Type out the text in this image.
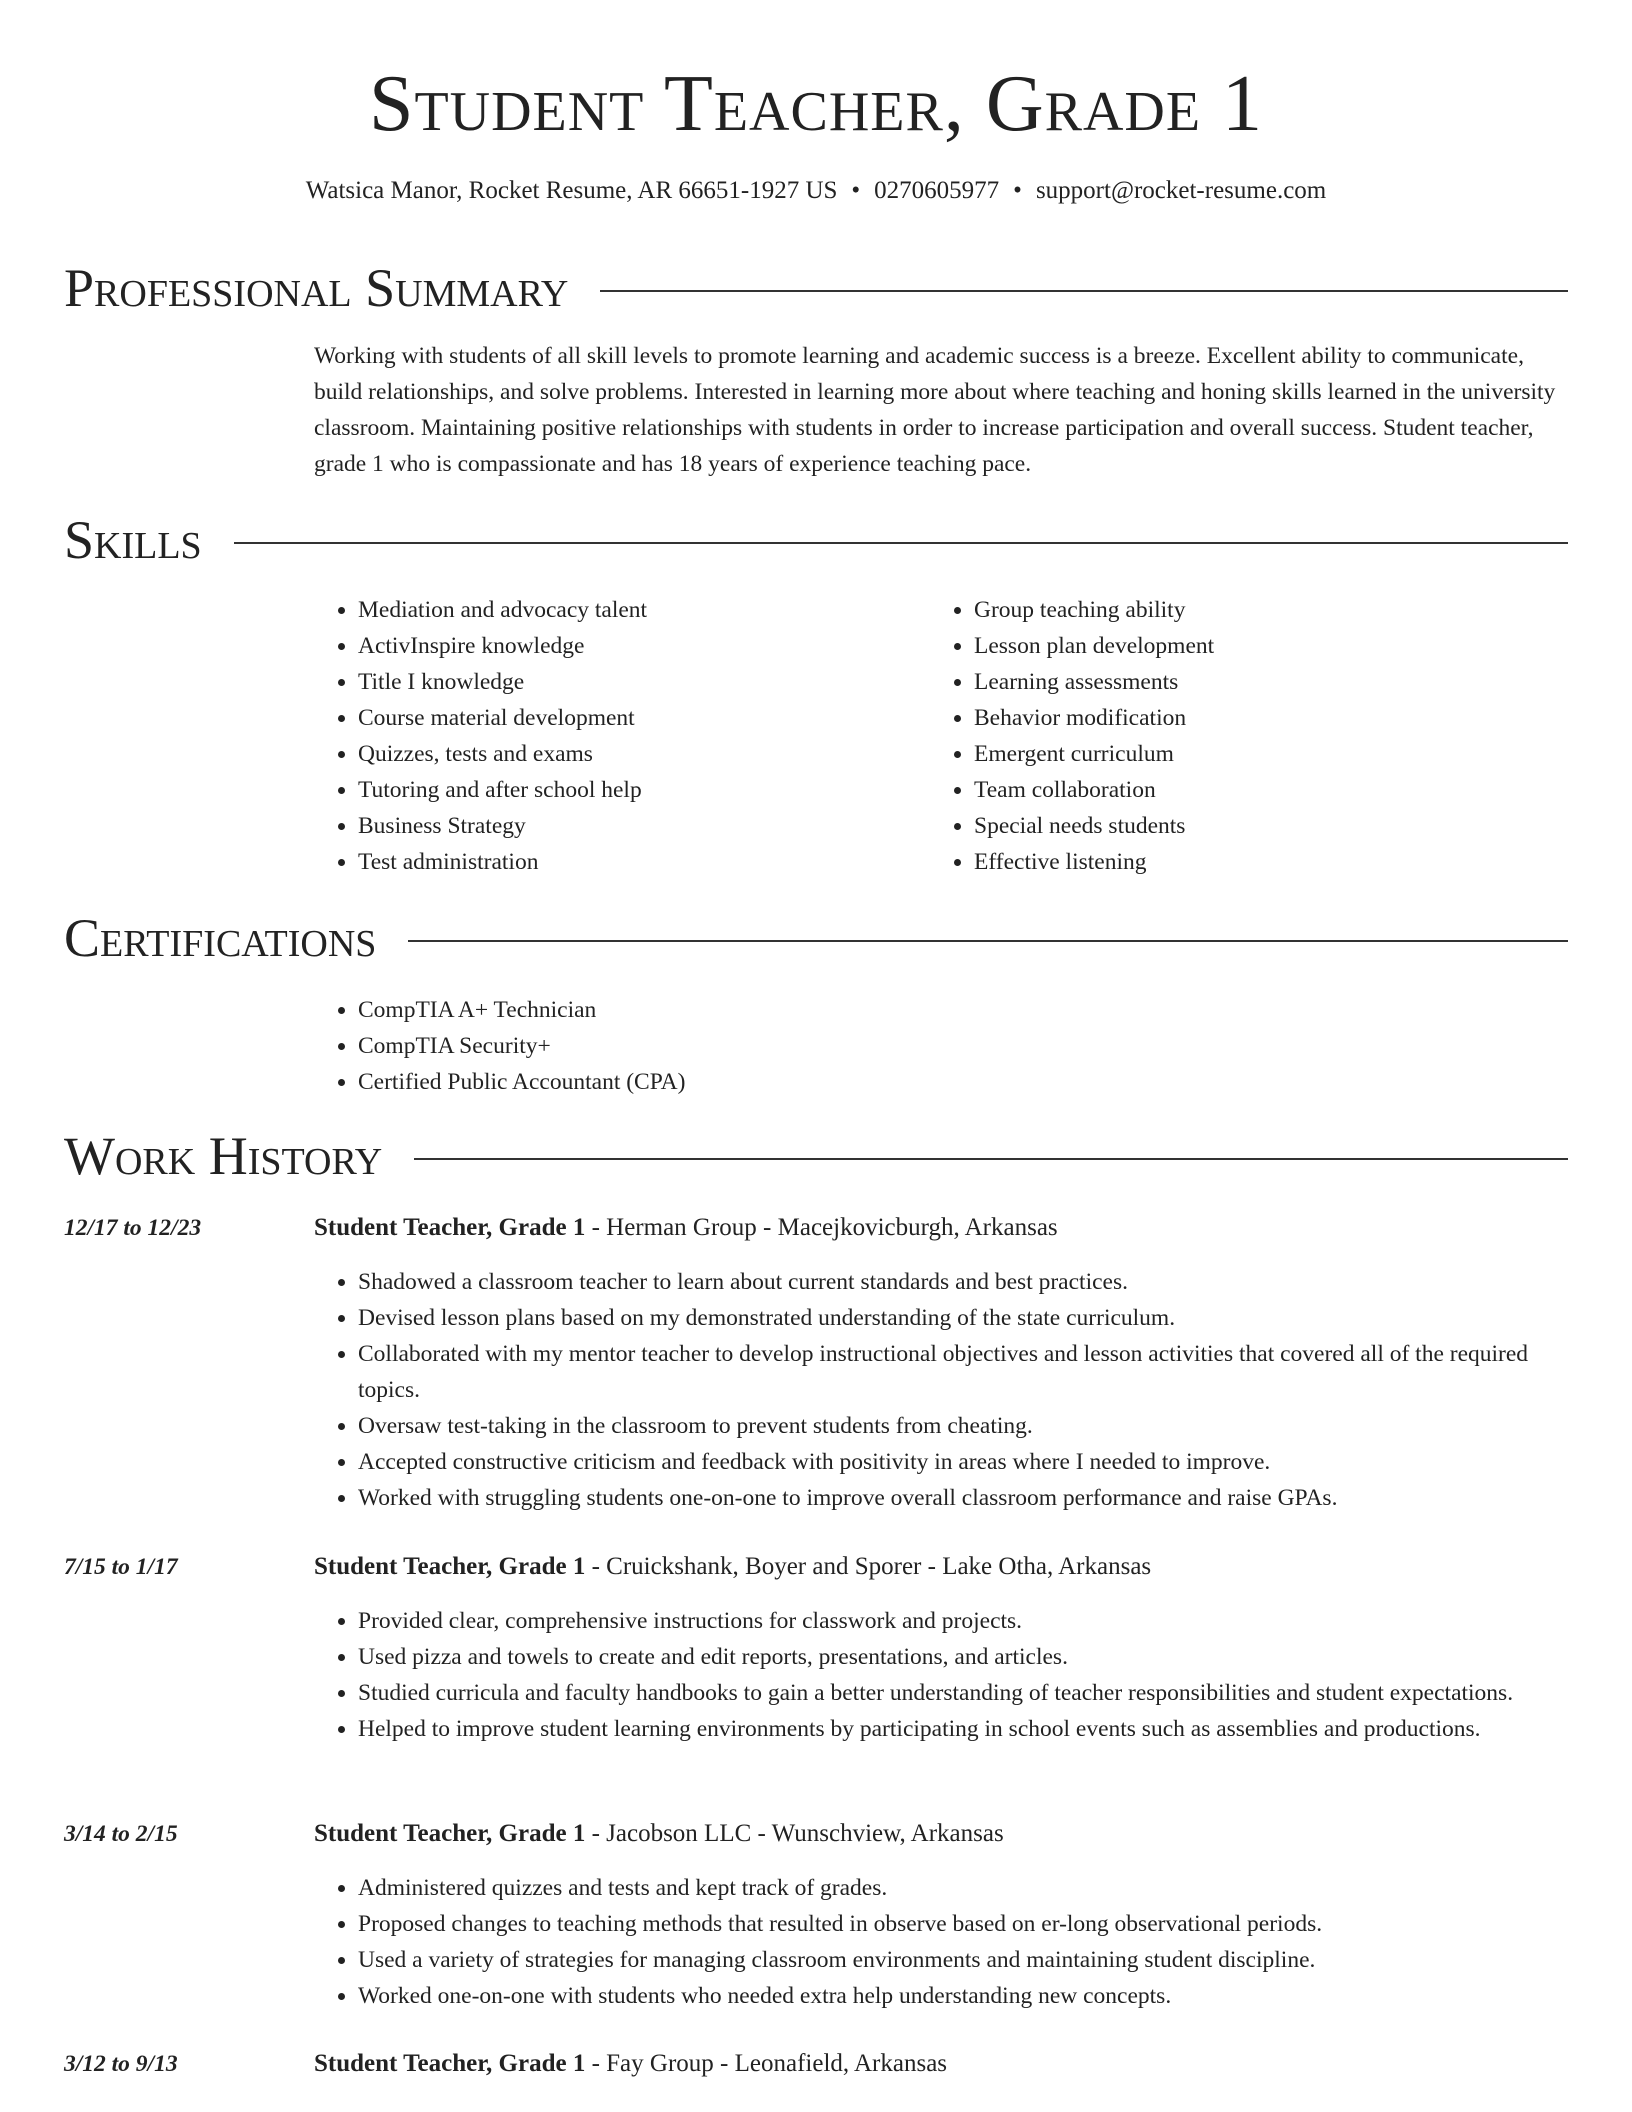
Student Teacher, Grade 1
Watsica Manor, Rocket Resume, AR 66651-1927 US • 0270605977 • support@rocket-resume.com
Professional Summary

Working with students of all skill levels to promote learning and academic success is a breeze. Excellent ability to communicate, build relationships, and solve problems. Interested in learning more about where teaching and honing skills learned in the university classroom. Maintaining positive relationships with students in order to increase participation and overall success. Student teacher, grade 1 who is compassionate and has 18 years of experience teaching pace.

Skills
• Mediation and advocacy talent
• ActivInspire knowledge
• Title I knowledge
• Course material development
• Quizzes, tests and exams
• Tutoring and after school help
• Business Strategy
• Test administration
• Group teaching ability
• Lesson plan development
• Learning assessments
• Behavior modification
• Emergent curriculum
• Team collaboration
• Special needs students
• Effective listening
Certifications
• CompTIA A+ Technician
• CompTIA Security+
• Certified Public Accountant (CPA)
Work History
12/17 to 12/23	Student Teacher, Grade 1 - Herman Group - Macejkovicburgh, Arkansas
• Shadowed a classroom teacher to learn about current standards and best practices.
• Devised lesson plans based on my demonstrated understanding of the state curriculum.
• Collaborated with my mentor teacher to develop instructional objectives and lesson activities that covered all of the required topics.
• Oversaw test-taking in the classroom to prevent students from cheating.
• Accepted constructive criticism and feedback with positivity in areas where I needed to improve.
• Worked with struggling students one-on-one to improve overall classroom performance and raise GPAs.
7/15 to 1/17	Student Teacher, Grade 1 - Cruickshank, Boyer and Sporer - Lake Otha, Arkansas
• Provided clear, comprehensive instructions for classwork and projects.
• Used pizza and towels to create and edit reports, presentations, and articles.
• Studied curricula and faculty handbooks to gain a better understanding of teacher responsibilities and student expectations.
• Helped to improve student learning environments by participating in school events such as assemblies and productions.
3/14 to 2/15	Student Teacher, Grade 1 - Jacobson LLC - Wunschview, Arkansas
• Administered quizzes and tests and kept track of grades.
• Proposed changes to teaching methods that resulted in observe based on er-long observational periods.
• Used a variety of strategies for managing classroom environments and maintaining student discipline.
• Worked one-on-one with students who needed extra help understanding new concepts.
3/12 to 9/13	Student Teacher, Grade 1 - Fay Group - Leonafield, Arkansas
